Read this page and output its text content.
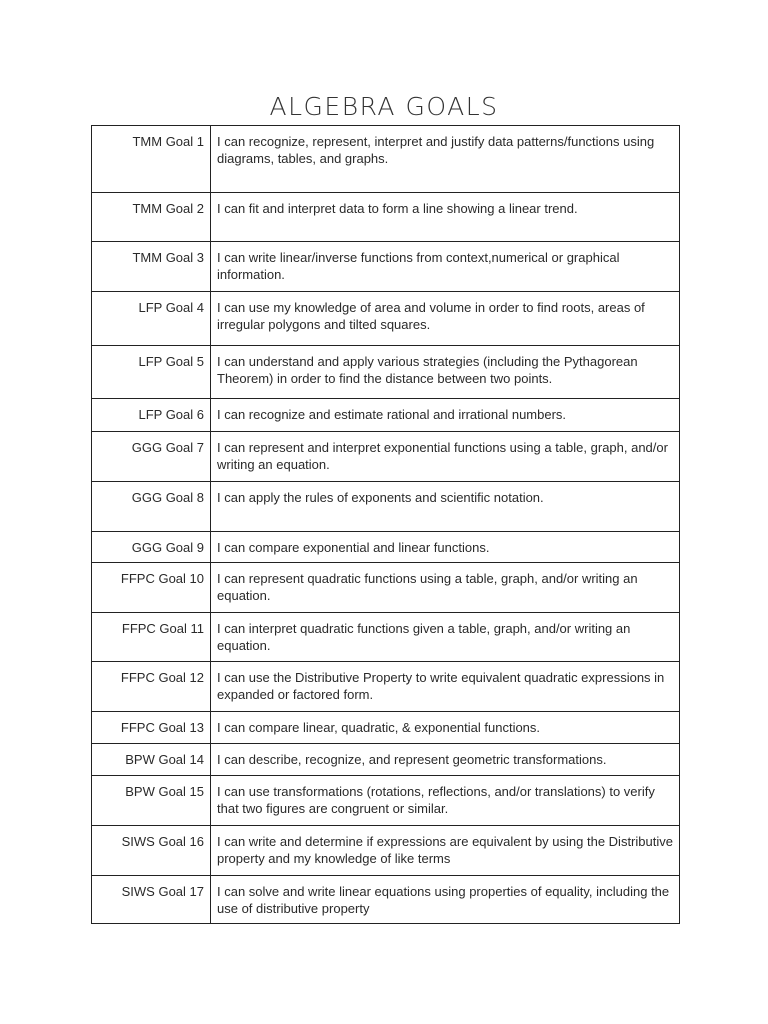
ALGEBRA GOALS
TMM Goal 1	I can recognize, represent, interpret and justify data patterns/functions using diagrams, tables, and graphs.
TMM Goal 2	I can fit and interpret data to form a line showing a linear trend.
TMM Goal 3	I can write linear/inverse functions from context,numerical or graphical information.
LFP Goal 4	I can use my knowledge of area and volume in order to find roots, areas of irregular polygons and tilted squares.
LFP Goal 5	I can understand and apply various strategies (including the Pythagorean Theorem) in order to find the distance between two points.
LFP Goal 6	I can recognize and estimate rational and irrational numbers.
GGG Goal 7	I can represent and interpret exponential functions using a table, graph, and/or writing an equation.
GGG Goal 8	I can apply the rules of exponents and scientific notation.
GGG Goal 9	I can compare exponential and linear functions.
FFPC Goal 10	I can represent quadratic functions using a table, graph, and/or writing an equation.
FFPC Goal 11	I can interpret quadratic functions given a table, graph, and/or writing an equation.
FFPC Goal 12	I can use the Distributive Property to write equivalent quadratic expressions in expanded or factored form.
FFPC Goal 13	I can compare linear, quadratic, & exponential functions.
BPW Goal 14	I can describe, recognize, and represent geometric transformations.
BPW Goal 15	I can use transformations (rotations, reflections, and/or translations) to verify that two figures are congruent or similar.
SIWS Goal 16	I can write and determine if expressions are equivalent by using the Distributive property and my knowledge of like terms
SIWS Goal 17	I can solve and write linear equations using properties of equality, including the use of distributive property
